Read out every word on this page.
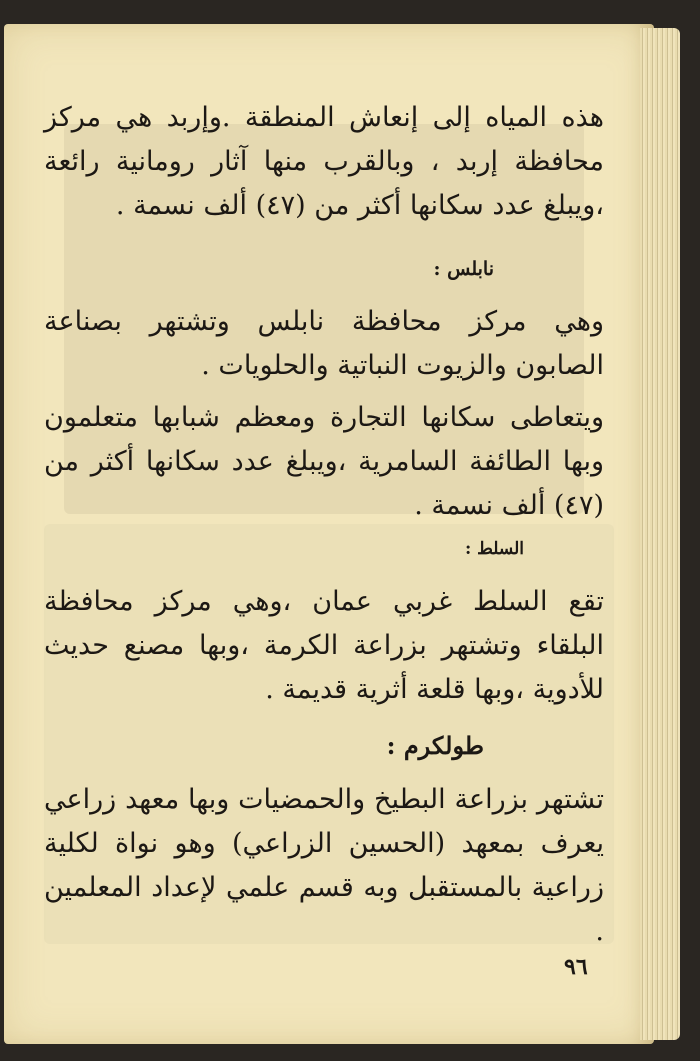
هذه المياه إلى إنعاش المنطقة .وإربد هي مركز محافظة إربد ، وبالقرب منها آثار رومانية رائعة ،ويبلغ عدد سكانها أكثر من (٤٧) ألف نسمة .

نابلس :

وهي مركز محافظة نابلس وتشتهر بصناعة الصابون والزيوت النباتية والحلويات .

ويتعاطى سكانها التجارة ومعظم شبابها متعلمون وبها الطائفة السامرية ،ويبلغ عدد سكانها أكثر من (٤٧) ألف نسمة .

السلط :

تقع السلط غربي عمان ،وهي مركز محافظة البلقاء وتشتهر بزراعة الكرمة ،وبها مصنع حديث للأدوية ،وبها قلعة أثرية قديمة .

طولكرم :

تشتهر بزراعة البطيخ والحمضيات وبها معهد زراعي يعرف بمعهد (الحسين الزراعي) وهو نواة لكلية زراعية بالمستقبل وبه قسم علمي لإعداد المعلمين .

٩٦
